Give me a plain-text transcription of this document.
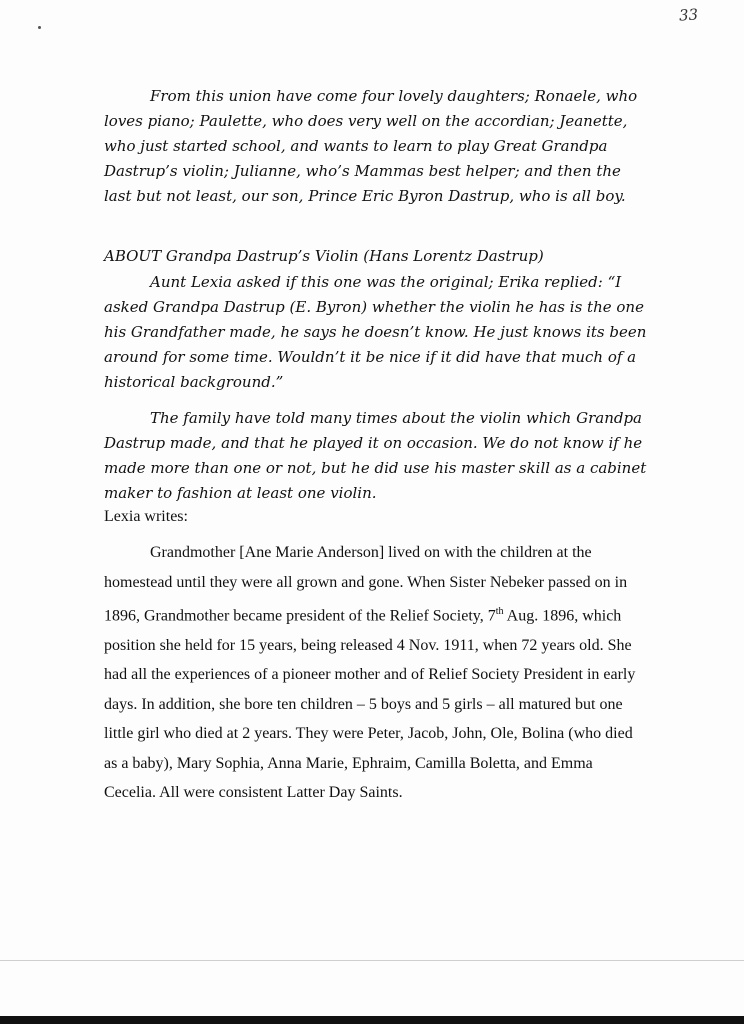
33

From this union have come four lovely daughters; Ronaele, who loves piano; Paulette, who does very well on the accordian; Jeanette, who just started school, and wants to learn to play Great Grandpa Dastrup’s violin; Julianne, who’s Mammas best helper; and then the last but not least, our son, Prince Eric Byron Dastrup, who is all boy.

ABOUT Grandpa Dastrup’s Violin (Hans Lorentz Dastrup)

Aunt Lexia asked if this one was the original; Erika replied: “I asked Grandpa Dastrup (E. Byron) whether the violin he has is the one his Grandfather made, he says he doesn’t know. He just knows its been around for some time. Wouldn’t it be nice if it did have that much of a historical background.”

The family have told many times about the violin which Grandpa Dastrup made, and that he played it on occasion. We do not know if he made more than one or not, but he did use his master skill as a cabinet maker to fashion at least one violin.

Lexia writes:

Grandmother [Ane Marie Anderson] lived on with the children at the homestead until they were all grown and gone. When Sister Nebeker passed on in 1896, Grandmother became president of the Relief Society, 7th Aug. 1896, which position she held for 15 years, being released 4 Nov. 1911, when 72 years old. She had all the experiences of a pioneer mother and of Relief Society President in early days. In addition, she bore ten children – 5 boys and 5 girls – all matured but one little girl who died at 2 years. They were Peter, Jacob, John, Ole, Bolina (who died as a baby), Mary Sophia, Anna Marie, Ephraim, Camilla Boletta, and Emma Cecelia. All were consistent Latter Day Saints.
